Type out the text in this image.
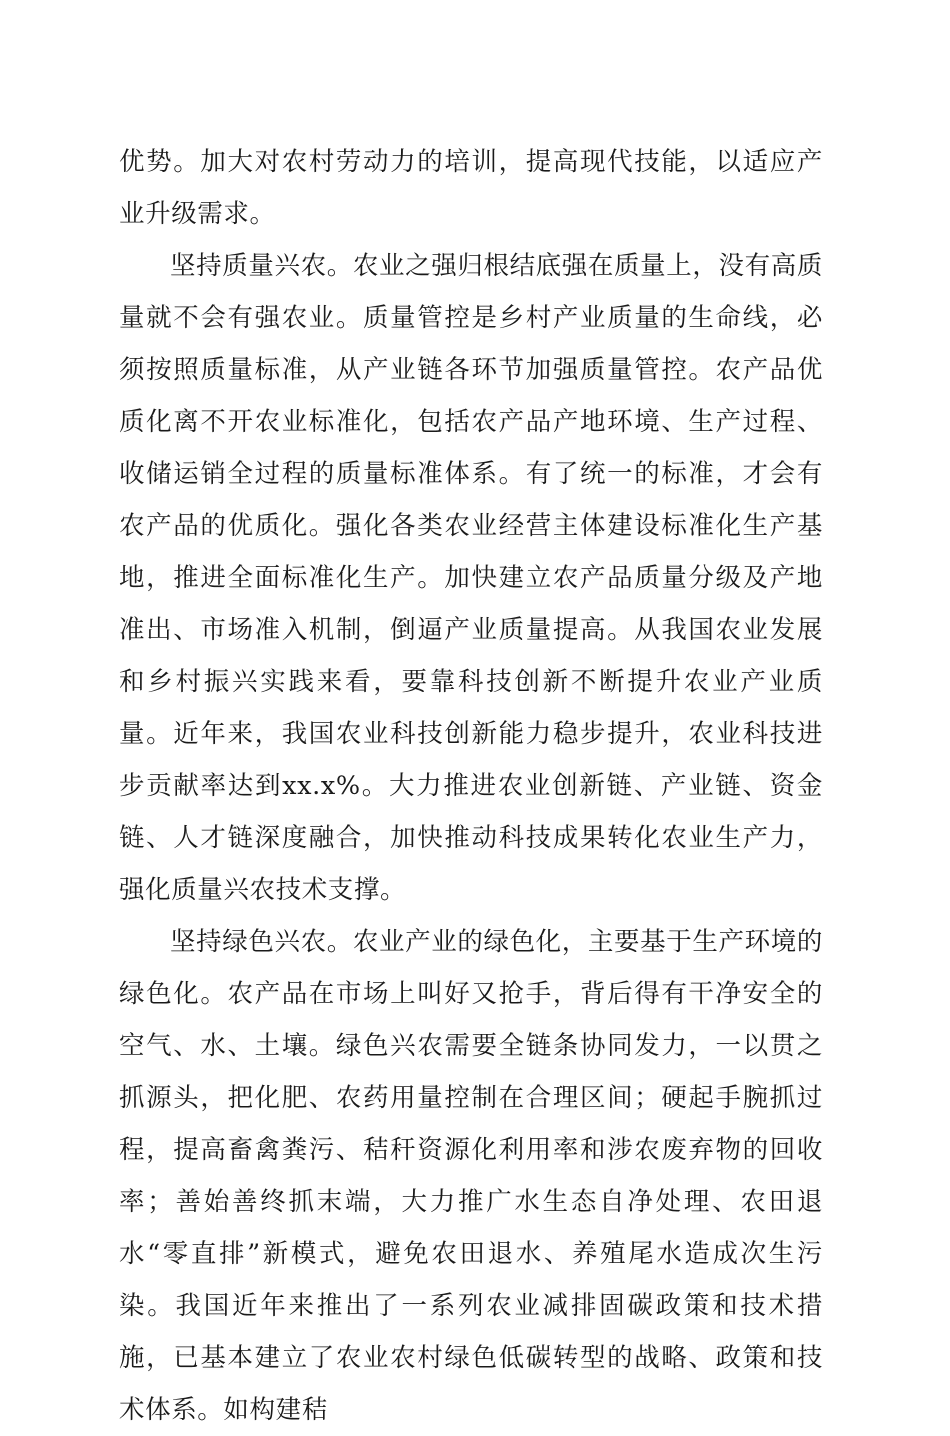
优势。加大对农村劳动力的培训，提高现代技能，以适应产业升级需求。

坚持质量兴农。农业之强归根结底强在质量上，没有高质量就不会有强农业。质量管控是乡村产业质量的生命线，必须按照质量标准，从产业链各环节加强质量管控。农产品优质化离不开农业标准化，包括农产品产地环境、生产过程、收储运销全过程的质量标准体系。有了统一的标准，才会有农产品的优质化。强化各类农业经营主体建设标准化生产基地，推进全面标准化生产。加快建立农产品质量分级及产地准出、市场准入机制，倒逼产业质量提高。从我国农业发展和乡村振兴实践来看，要靠科技创新不断提升农业产业质量。近年来，我国农业科技创新能力稳步提升，农业科技进步贡献率达到xx.x%。大力推进农业创新链、产业链、资金链、人才链深度融合，加快推动科技成果转化农业生产力，强化质量兴农技术支撑。

坚持绿色兴农。农业产业的绿色化，主要基于生产环境的绿色化。农产品在市场上叫好又抢手，背后得有干净安全的空气、水、土壤。绿色兴农需要全链条协同发力，一以贯之抓源头，把化肥、农药用量控制在合理区间；硬起手腕抓过程，提高畜禽粪污、秸秆资源化利用率和涉农废弃物的回收率；善始善终抓末端，大力推广水生态自净处理、农田退水“零直排”新模式，避免农田退水、养殖尾水造成次生污染。我国近年来推出了一系列农业减排固碳政策和技术措施，已基本建立了农业农村绿色低碳转型的战略、政策和技术体系。如构建秸
